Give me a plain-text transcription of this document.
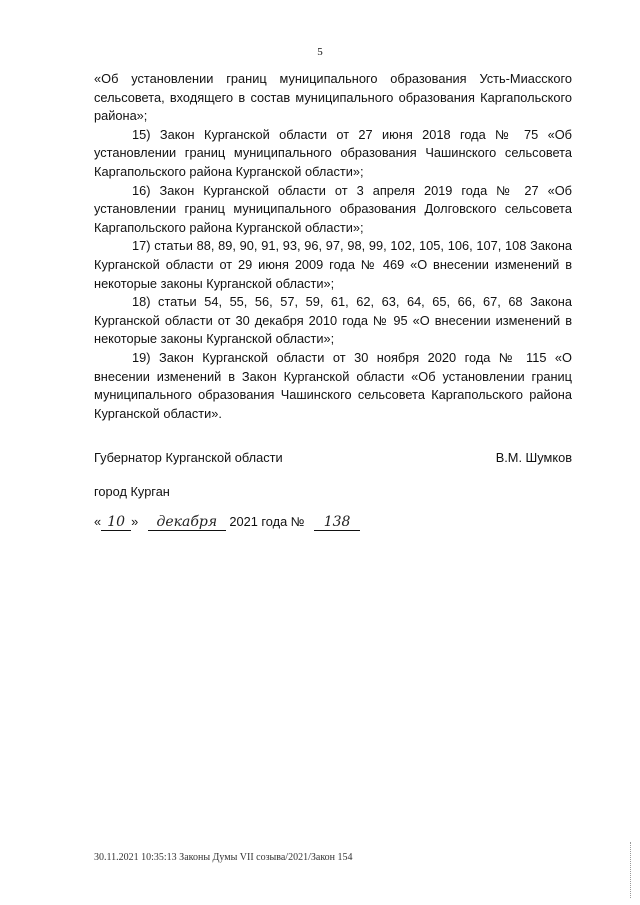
5

«Об установлении границ муниципального образования Усть-Миасского сельсовета, входящего в состав муниципального образования Каргапольского района»;

15) Закон Курганской области от 27 июня 2018 года № 75 «Об установлении границ муниципального образования Чашинского сельсовета Каргапольского района Курганской области»;

16) Закон Курганской области от 3 апреля 2019 года № 27 «Об установлении границ муниципального образования Долговского сельсовета Каргапольского района Курганской области»;

17) статьи 88, 89, 90, 91, 93, 96, 97, 98, 99, 102, 105, 106, 107, 108 Закона Курганской области от 29 июня 2009 года № 469 «О внесении изменений в некоторые законы Курганской области»;

18) статьи 54, 55, 56, 57, 59, 61, 62, 63, 64, 65, 66, 67, 68 Закона Курганской области от 30 декабря 2010 года № 95 «О внесении изменений в некоторые законы Курганской области»;

19) Закон Курганской области от 30 ноября 2020 года № 115 «О внесении изменений в Закон Курганской области «Об установлении границ муниципального образования Чашинского сельсовета Каргапольского района Курганской области».

Губернатор Курганской области	В.М. Шумков
город Курган
« 10 » декабря 2021 года № 138
30.11.2021 10:35:13 Законы Думы VII созыва/2021/Закон 154
